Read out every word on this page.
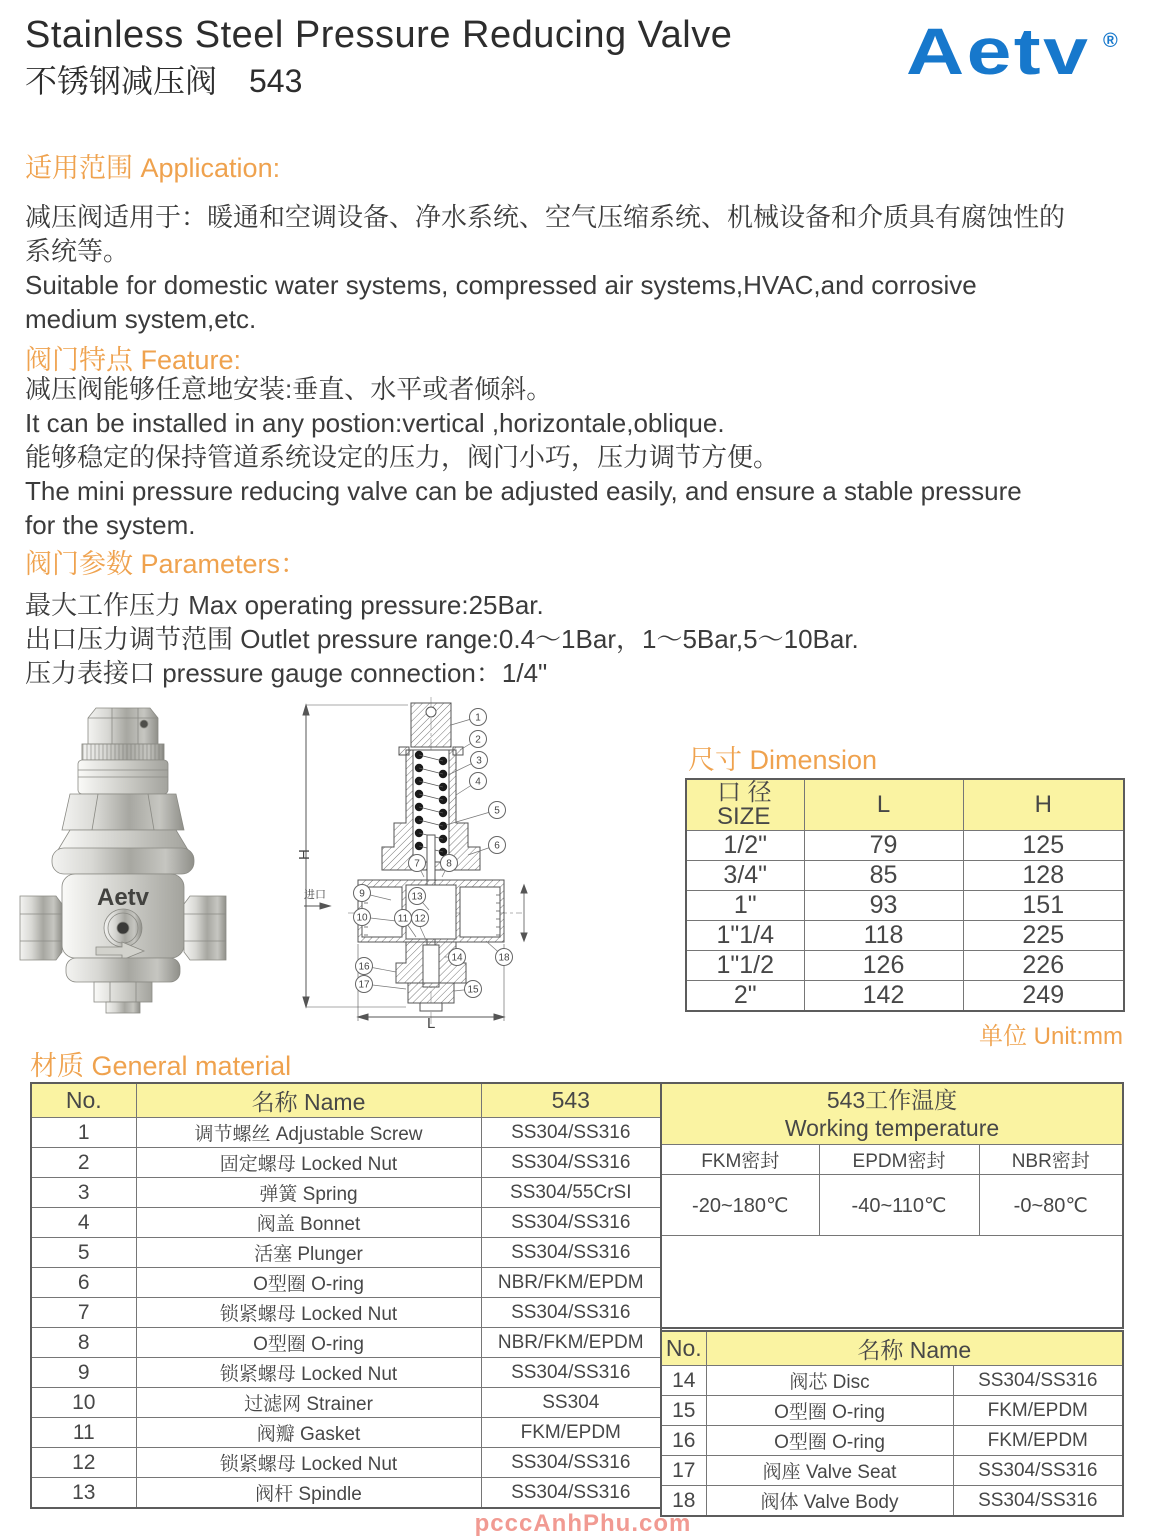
Stainless Steel Pressure Reducing Valve
不锈钢减压阀　543	Aetv ®
适用范围 Application:
减压阀适用于：暖通和空调设备、净水系统、空气压缩系统、机械设备和介质具有腐蚀性的
系统等。
Suitable for domestic water systems, compressed air systems,HVAC,and corrosive
medium system,etc.
阀门特点 Feature:
减压阀能够任意地安装:垂直、水平或者倾斜。
It can be installed in any postion:vertical ,horizontale,oblique.
能够稳定的保持管道系统设定的压力，阀门小巧，压力调节方便。
The mini pressure reducing valve can be adjusted easily, and ensure a stable pressure
for the system.
阀门参数 Parameters：
最大工作压力 Max operating pressure:25Bar.
出口压力调节范围 Outlet pressure range:0.4～1Bar，1～5Bar,5～10Bar.
压力表接口 pressure gauge connection：1/4"
Aetv
H
L
进口
1
2
3
4
5
6
7	8
9
10	11 12
13
14
15
16
17
18
尺寸 Dimension
口 径
SIZE	L	H
1/2"	79	125
3/4"	85	128
1"	93	151
1"1/4	118	225
1"1/2	126	226
2"	142	249
单位 Unit:mm
材质 General material
No.	名称 Name	543
1	调节螺丝 Adjustable Screw	SS304/SS316
2	固定螺母 Locked Nut	SS304/SS316
3	弹簧 Spring	SS304/55CrSI
4	阀盖 Bonnet	SS304/SS316
5	活塞 Plunger	SS304/SS316
6	O型圈 O-ring	NBR/FKM/EPDM
7	锁紧螺母 Locked Nut	SS304/SS316
8	O型圈 O-ring	NBR/FKM/EPDM
9	锁紧螺母 Locked Nut	SS304/SS316
10	过滤网 Strainer	SS304
11	阀瓣 Gasket	FKM/EPDM
12	锁紧螺母 Locked Nut	SS304/SS316
13	阀杆 Spindle	SS304/SS316
543工作温度
Working temperature		

FKM密封	EPDM密封	NBR密封
-20~180℃	-40~110℃	-0~80℃

No.	名称 Name	
14	阀芯 Disc	SS304/SS316
15	O型圈 O-ring	FKM/EPDM
16	O型圈 O-ring	FKM/EPDM
17	阀座 Valve Seat	SS304/SS316
18	阀体 Valve Body	SS304/SS316
pcccAnhPhu.com
